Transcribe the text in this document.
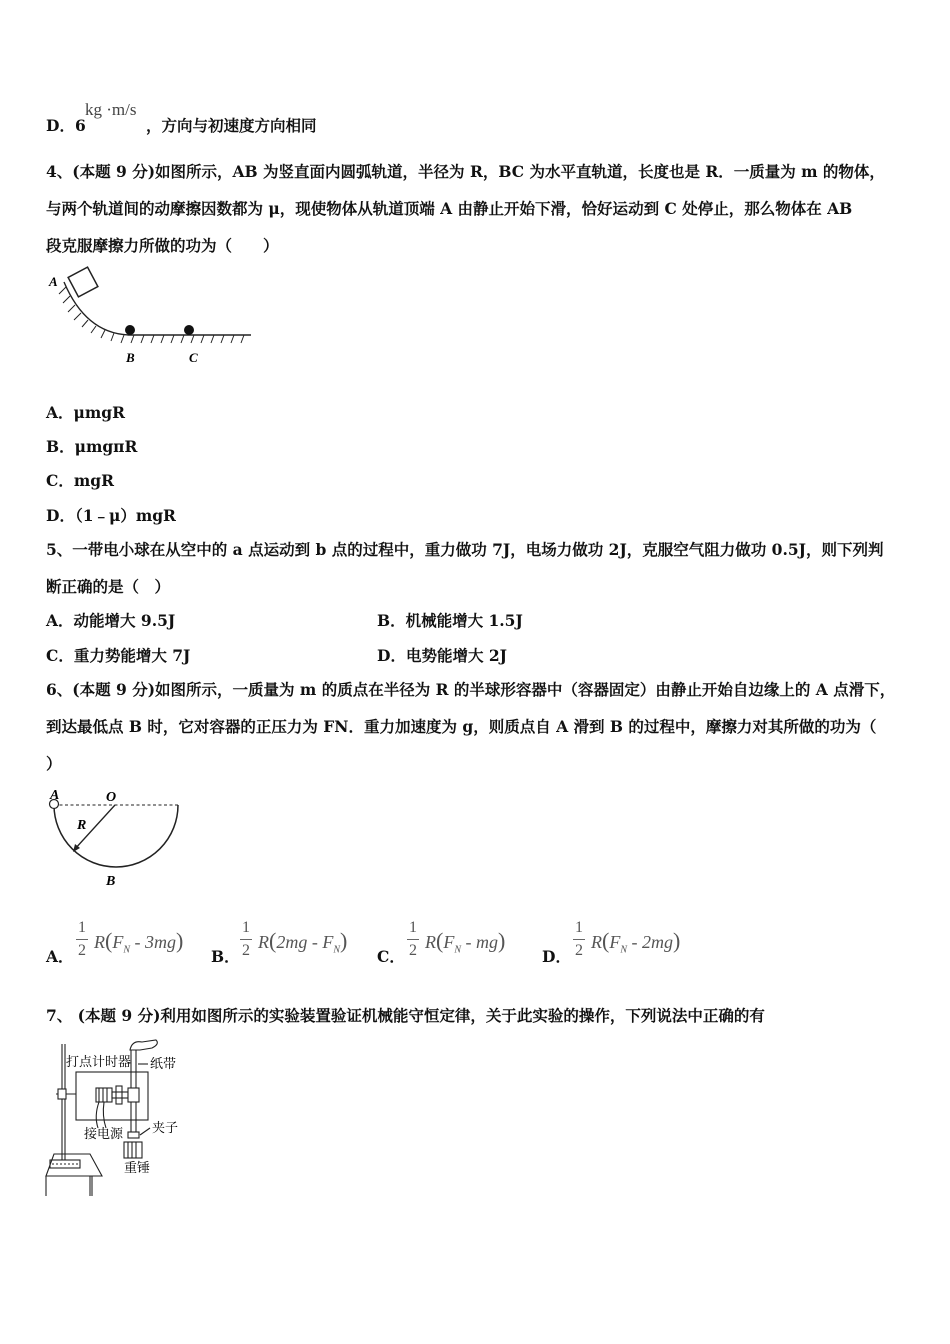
D．6
kg ·m/s
，方向与初速度方向相同
4、(本题 9 分)如图所示，AB 为竖直面内圆弧轨道，半径为 R，BC 为水平直轨道，长度也是 R．一质量为 m 的物体，
与两个轨道间的动摩擦因数都为 μ，现使物体从轨道顶端 A 由静止开始下滑，恰好运动到 C 处停止，那么物体在 AB
段克服摩擦力所做的功为（　　）
A
B	C
A．μmgR
B．μmgπR
C．mgR
D．（1﹣μ）mgR
5、一带电小球在从空中的 a 点运动到 b 点的过程中，重力做功 7J，电场力做功 2J，克服空气阻力做功 0.5J，则下列判
断正确的是（　）
A．动能增大 9.5J	B．机械能增大 1.5J
C．重力势能增大 7J	D．电势能增大 2J
6、(本题 9 分)如图所示，一质量为 m 的质点在半径为 R 的半球形容器中（容器固定）由静止开始自边缘上的 A 点滑下，
到达最低点 B 时，它对容器的正压力为 FN．重力加速度为 g，则质点自 A 滑到 B 的过程中，摩擦力对其所做的功为（
）
A	O
R
B
A．
1
2 $R(F_N - 3mg)$
B．
1
2 $R(2mg - F_N)$
C．
1
2 $R(F_N - mg)$
D．
1
2 $R(F_N - 2mg)$
7、 (本题 9 分)利用如图所示的实验装置验证机械能守恒定律，关于此实验的操作，下列说法中正确的有
打点计时器 纸带
接电源 夹子
重锤
